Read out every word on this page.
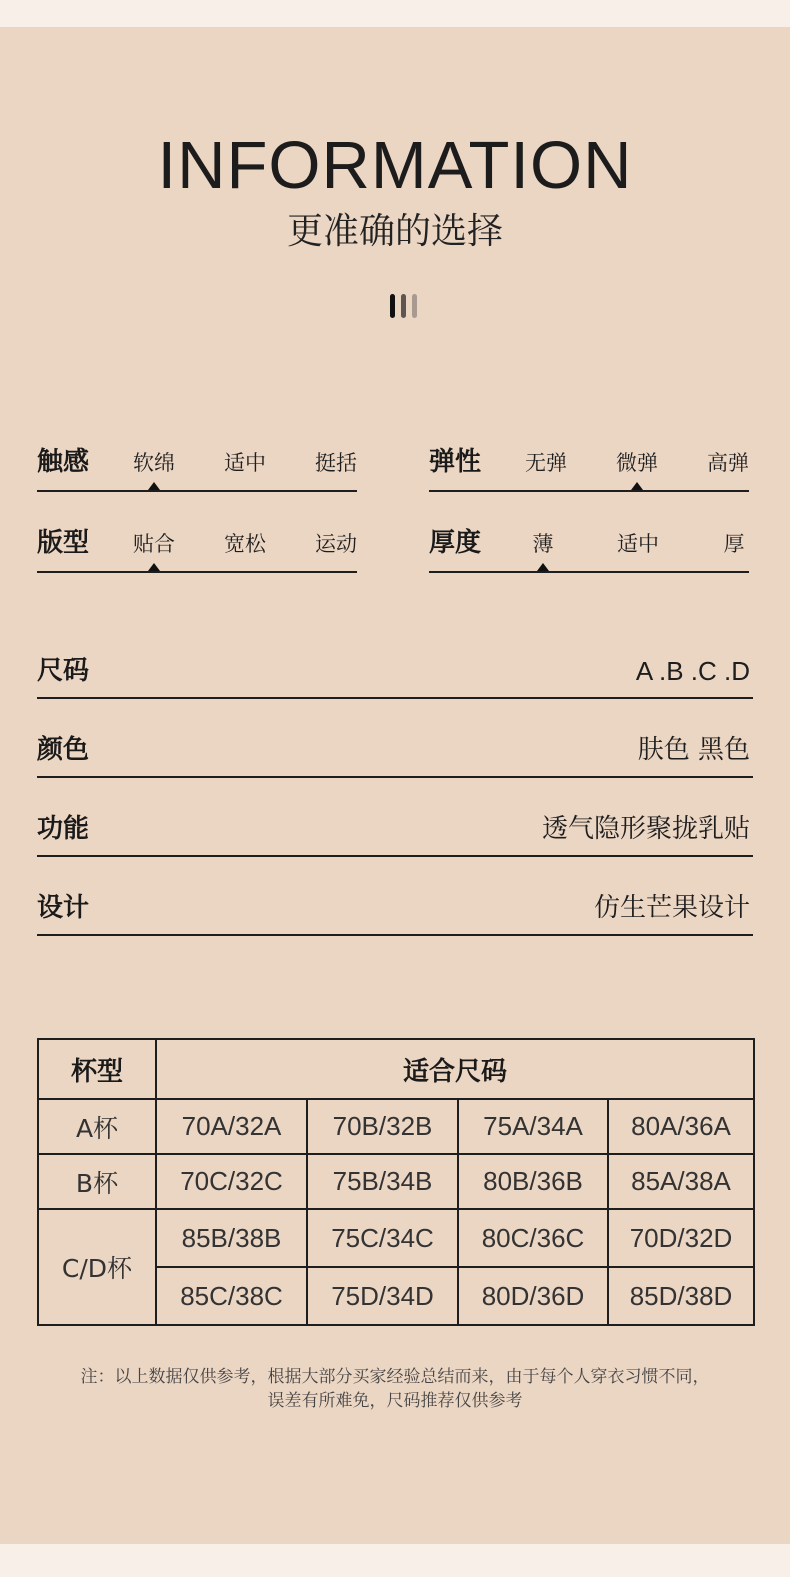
INFORMATION
更准确的选择
触感 软绵 适中 挺括	弹性 无弹 微弹 高弹
版型 贴合 宽松 运动	厚度 薄	适中	厚
尺码	A .B .C .D
颜色	肤色 黑色
功能	透气隐形聚拢乳贴
设计	仿生芒果设计
杯型	适合尺码			
A杯	70A/32A	70B/32B	75A/34A	80A/36A
B杯	70C/32C	75B/34B	80B/36B	85A/38A
C/D杯	85B/38B	75C/34C	80C/36C	70D/32D
	85C/38C	75D/34D	80D/36D	85D/38D
注：以上数据仅供参考，根据大部分买家经验总结而来，由于每个人穿衣习惯不同，
误差有所难免，尺码推荐仅供参考
